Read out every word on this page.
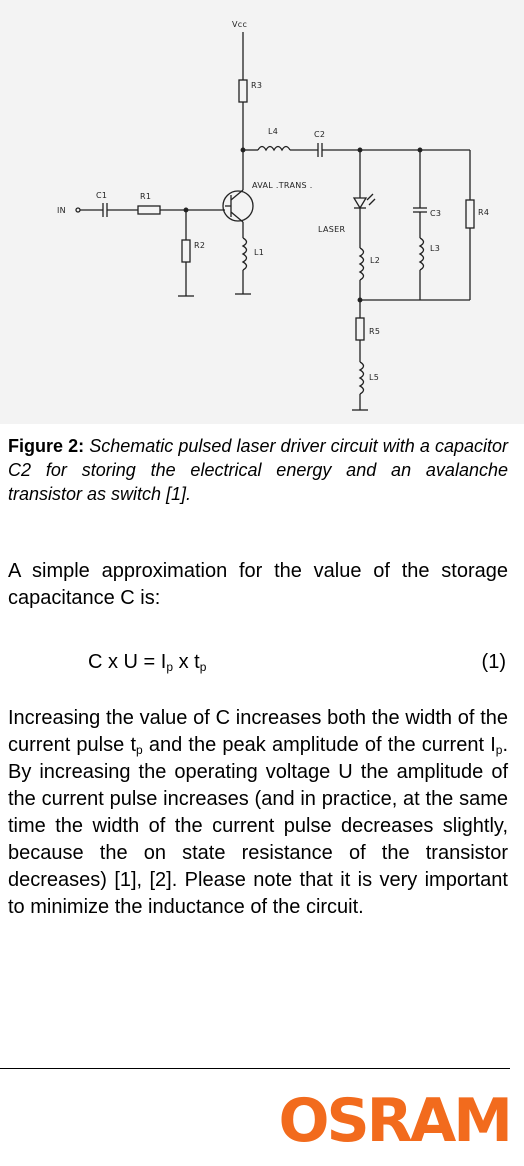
Vcc
R3
L4	C2
IN
C1	R1
AVAL .TRANS .
R2
L1
LASER
L2
C3
L3
R4
R5
L5
Figure 2: Schematic pulsed laser driver circuit with a capacitor C2 for storing the electrical energy and an avalanche transistor as switch [1].
A simple approximation for the value of the storage capacitance C is:
C x $U = I_p$ x $t_p$	(1)
Increasing the value of C increases both the width of the current pulse $t_p$ and the peak amplitude of the current $I_p$. By increasing the operating voltage U the amplitude of the current pulse increases (and in practice, at the same time the width of the current pulse decreases slightly, because the on state resistance of the transistor decreases) [1], [2]. Please note that it is very important to minimize the inductance of the circuit.
OSRAM
